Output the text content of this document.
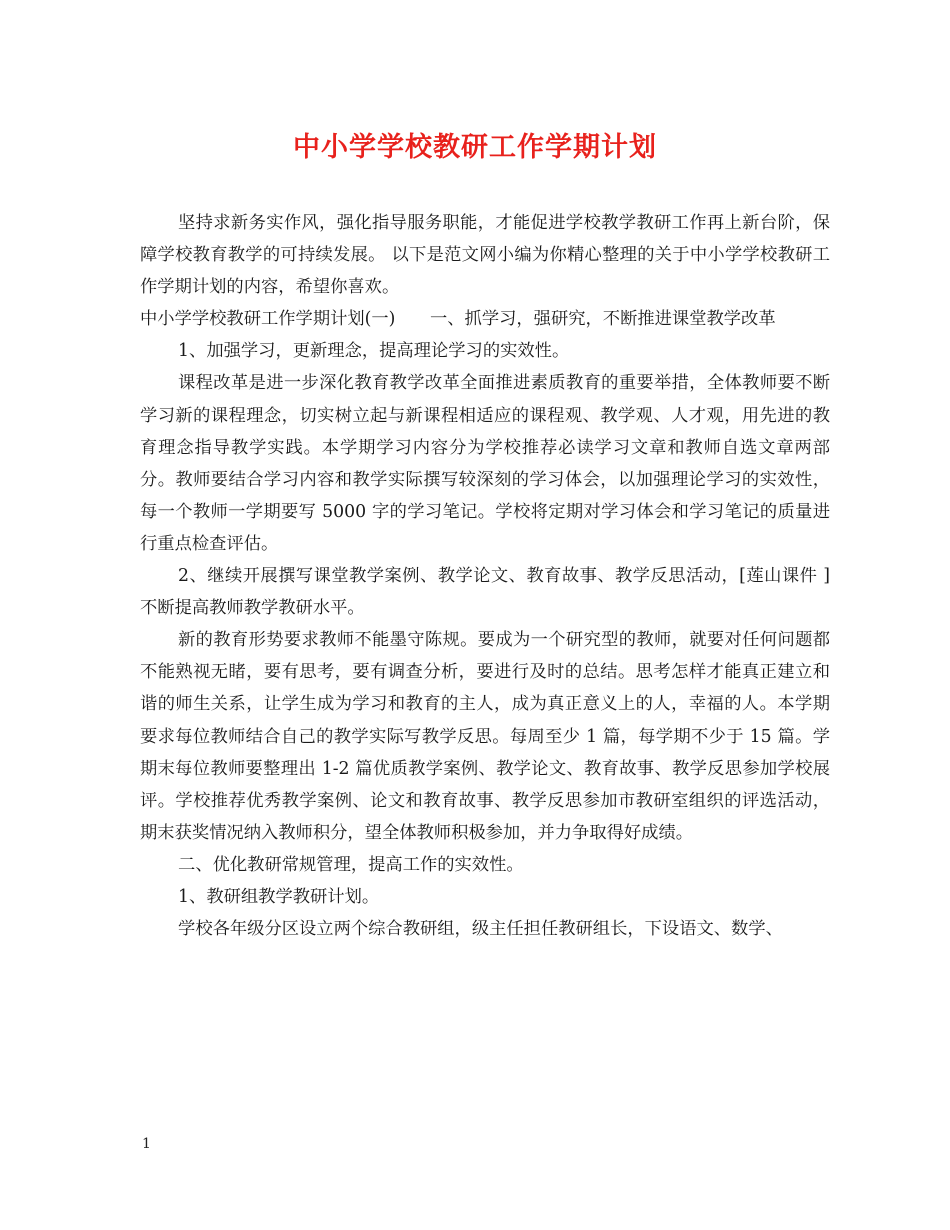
中小学学校教研工作学期计划

坚持求新务实作风，强化指导服务职能，才能促进学校教学教研工作再上新台阶，保障学校教育教学的可持续发展。 以下是范文网小编为你精心整理的关于中小学学校教研工作学期计划的内容，希望你喜欢。

中小学学校教研工作学期计划(一)　　一、抓学习，强研究，不断推进课堂教学改革

1、加强学习，更新理念，提高理论学习的实效性。

课程改革是进一步深化教育教学改革全面推进素质教育的重要举措，全体教师要不断学习新的课程理念，切实树立起与新课程相适应的课程观、教学观、人才观，用先进的教育理念指导教学实践。本学期学习内容分为学校推荐必读学习文章和教师自选文章两部分。教师要结合学习内容和教学实际撰写较深刻的学习体会，以加强理论学习的实效性，每一个教师一学期要写 5000 字的学习笔记。学校将定期对学习体会和学习笔记的质量进行重点检查评估。

2、继续开展撰写课堂教学案例、教学论文、教育故事、教学反思活动，[莲山课件 ]不断提高教师教学教研水平。

新的教育形势要求教师不能墨守陈规。要成为一个研究型的教师，就要对任何问题都不能熟视无睹，要有思考，要有调查分析，要进行及时的总结。思考怎样才能真正建立和谐的师生关系，让学生成为学习和教育的主人，成为真正意义上的人，幸福的人。本学期要求每位教师结合自己的教学实际写教学反思。每周至少 1 篇，每学期不少于 15 篇。学期末每位教师要整理出 1-2 篇优质教学案例、教学论文、教育故事、教学反思参加学校展评。学校推荐优秀教学案例、论文和教育故事、教学反思参加市教研室组织的评选活动，期末获奖情况纳入教师积分，望全体教师积极参加，并力争取得好成绩。

二、优化教研常规管理，提高工作的实效性。

1、教研组教学教研计划。

学校各年级分区设立两个综合教研组，级主任担任教研组长，下设语文、数学、

1
